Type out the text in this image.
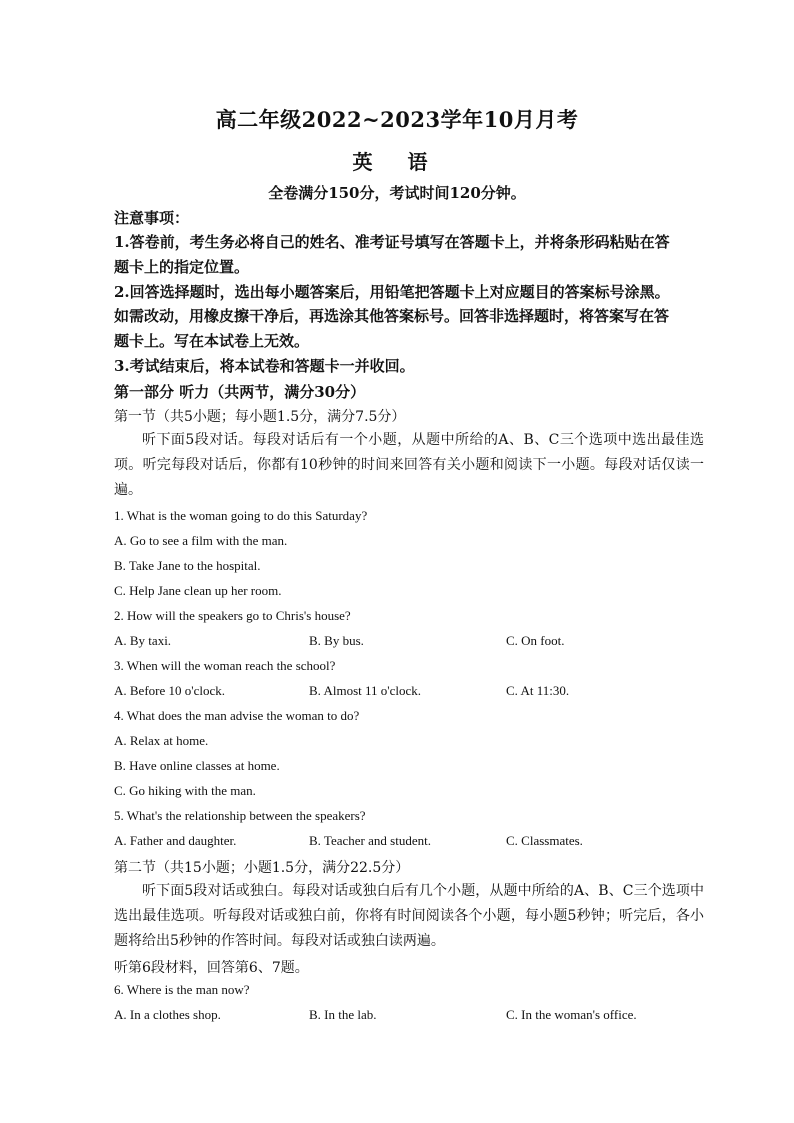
高二年级2022~2023学年10月月考
英 语
全卷满分150分，考试时间120分钟。
注意事项：
1.答卷前，考生务必将自己的姓名、准考证号填写在答题卡上，并将条形码粘贴在答
题卡上的指定位置。
2.回答选择题时，选出每小题答案后，用铅笔把答题卡上对应题目的答案标号涂黑。
如需改动，用橡皮擦干净后，再选涂其他答案标号。回答非选择题时，将答案写在答
题卡上。写在本试卷上无效。
3.考试结束后，将本试卷和答题卡一并收回。
第一部分 听力（共两节，满分30分）
第一节（共5小题；每小题1.5分，满分7.5分）
听下面5段对话。每段对话后有一个小题，从题中所给的A、B、C三个选项中选出最佳选项。听完每段对话后，你都有10秒钟的时间来回答有关小题和阅读下一小题。每段对话仅读一遍。
1. What is the woman going to do this Saturday?
A. Go to see a film with the man.
B. Take Jane to the hospital.
C. Help Jane clean up her room.
2. How will the speakers go to Chris's house?
A. By taxi.	B. By bus.	C. On foot.
3. When will the woman reach the school?
A. Before 10 o'clock.	B. Almost 11 o'clock.	C. At 11:30.
4. What does the man advise the woman to do?
A. Relax at home.
B. Have online classes at home.
C. Go hiking with the man.
5. What's the relationship between the speakers?
A. Father and daughter.	B. Teacher and student.	C. Classmates.
第二节（共15小题；小题1.5分，满分22.5分）
听下面5段对话或独白。每段对话或独白后有几个小题，从题中所给的A、B、C三个选项中选出最佳选项。听每段对话或独白前，你将有时间阅读各个小题，每小题5秒钟；听完后，各小题将给出5秒钟的作答时间。每段对话或独白读两遍。
听第6段材料，回答第6、7题。
6. Where is the man now?
A. In a clothes shop.	B. In the lab.	C. In the woman's office.
